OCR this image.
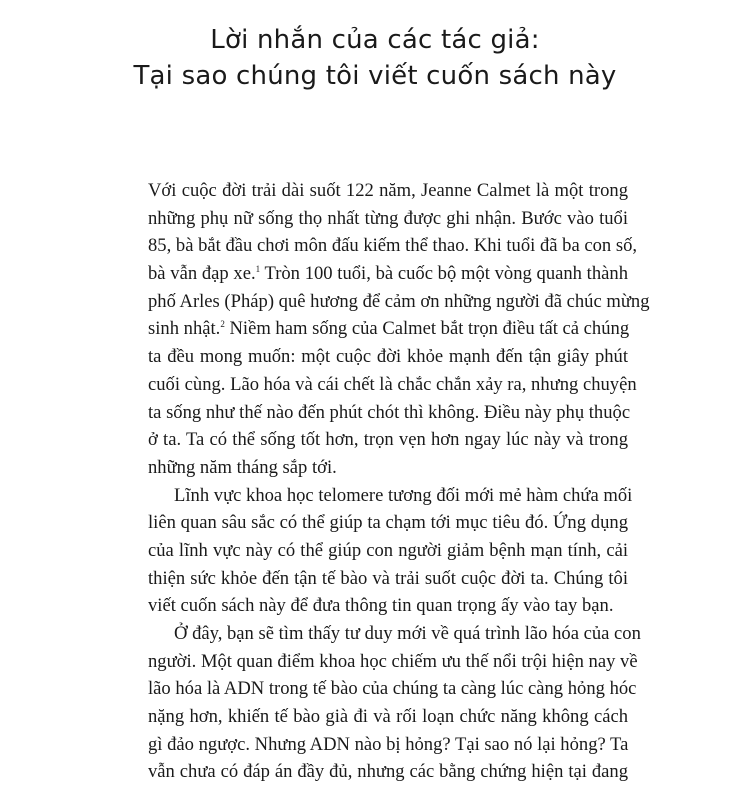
Lời nhắn của các tác giả:
Tại sao chúng tôi viết cuốn sách này
Với cuộc đời trải dài suốt 122 năm, Jeanne Calmet là một trong
những phụ nữ sống thọ nhất từng được ghi nhận. Bước vào tuổi
85, bà bắt đầu chơi môn đấu kiếm thể thao. Khi tuổi đã ba con số,
bà vẫn đạp xe.$^1$ Tròn 100 tuổi, bà cuốc bộ một vòng quanh thành
phố Arles (Pháp) quê hương để cảm ơn những người đã chúc mừng
sinh nhật.$^2$ Niềm ham sống của Calmet bắt trọn điều tất cả chúng
ta đều mong muốn: một cuộc đời khỏe mạnh đến tận giây phút
cuối cùng. Lão hóa và cái chết là chắc chắn xảy ra, nhưng chuyện
ta sống như thế nào đến phút chót thì không. Điều này phụ thuộc
ở ta. Ta có thể sống tốt hơn, trọn vẹn hơn ngay lúc này và trong
những năm tháng sắp tới.
Lĩnh vực khoa học telomere tương đối mới mẻ hàm chứa mối
liên quan sâu sắc có thể giúp ta chạm tới mục tiêu đó. Ứng dụng
của lĩnh vực này có thể giúp con người giảm bệnh mạn tính, cải
thiện sức khỏe đến tận tế bào và trải suốt cuộc đời ta. Chúng tôi
viết cuốn sách này để đưa thông tin quan trọng ấy vào tay bạn.
Ở đây, bạn sẽ tìm thấy tư duy mới về quá trình lão hóa của con
người. Một quan điểm khoa học chiếm ưu thế nổi trội hiện nay về
lão hóa là ADN trong tế bào của chúng ta càng lúc càng hỏng hóc
nặng hơn, khiến tế bào già đi và rối loạn chức năng không cách
gì đảo ngược. Nhưng ADN nào bị hỏng? Tại sao nó lại hỏng? Ta
vẫn chưa có đáp án đầy đủ, nhưng các bằng chứng hiện tại đang
